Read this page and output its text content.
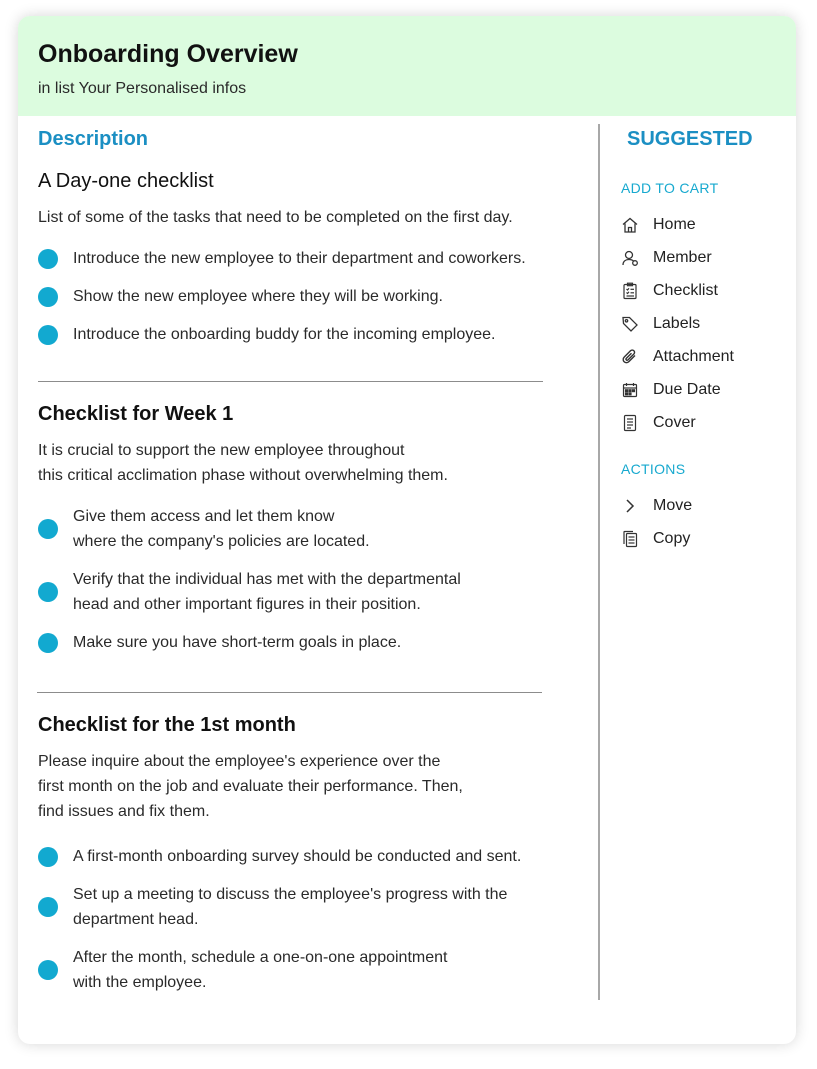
Onboarding Overview
in list Your Personalised infos
Description
A Day-one checklist
List of some of the tasks that need to be completed on the first day.
Introduce the new employee to their department and coworkers.
Show the new employee where they will be working.
Introduce the onboarding buddy for the incoming employee.
Checklist for Week 1
It is crucial to support the new employee throughout
this critical acclimation phase without overwhelming them.
Give them access and let them know
where the company's policies are located.
Verify that the individual has met with the departmental
head and other important figures in their position.
Make sure you have short-term goals in place.
Checklist for the 1st month
Please inquire about the employee's experience over the
first month on the job and evaluate their performance. Then,
find issues and fix them.
A first-month onboarding survey should be conducted and sent.
Set up a meeting to discuss the employee's progress with the
department head.
After the month, schedule a one-on-one appointment
with the employee.
SUGGESTED
ADD TO CART
Home
Member
Checklist
Labels
Attachment
Due Date
Cover
ACTIONS
Move
Copy
